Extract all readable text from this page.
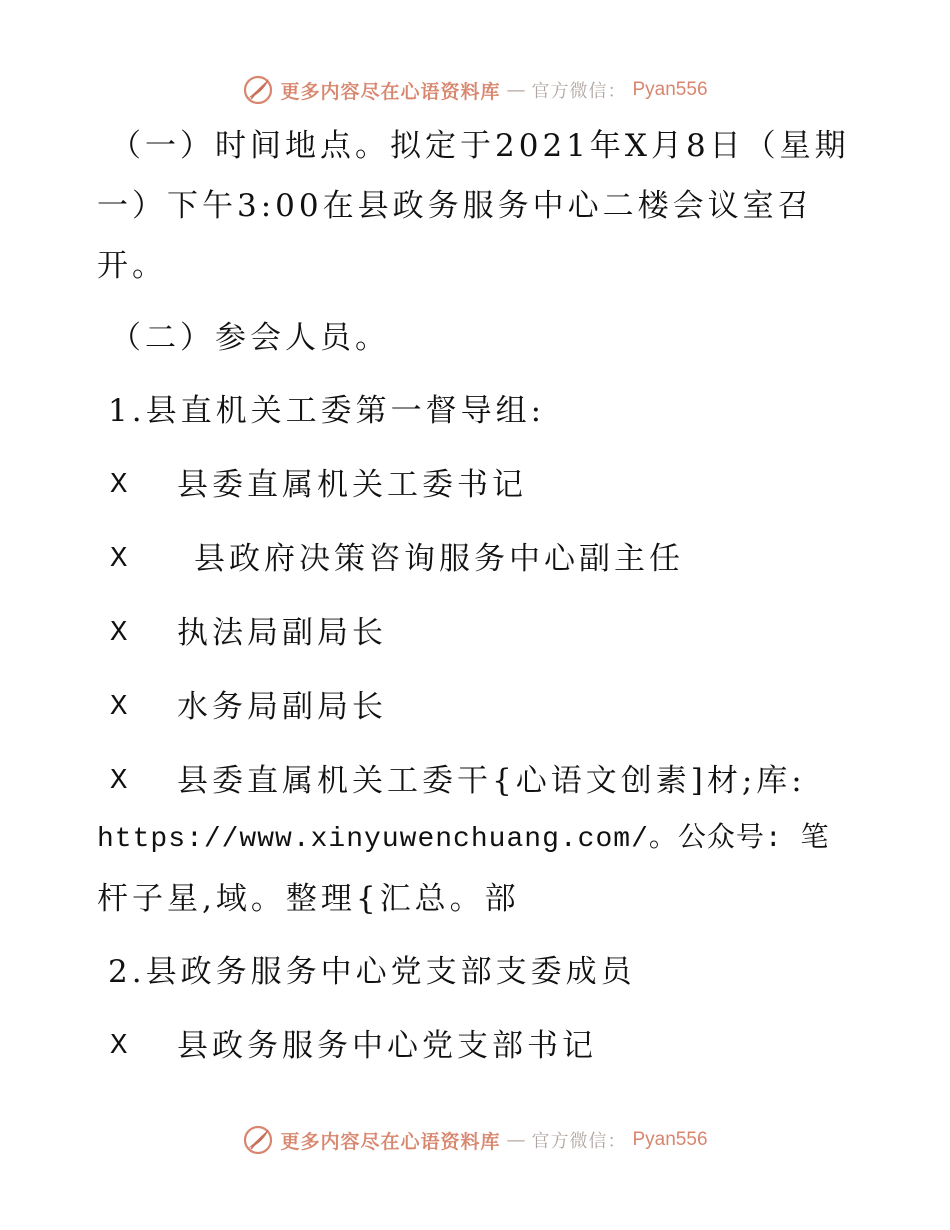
更多内容尽在心语资料库 — 官方微信： Pyan556
（一）时间地点。拟定于2021年X月8日（星期
一）下午3:00在县政务服务中心二楼会议室召
开。
（二）参会人员。
1.县直机关工委第一督导组:
X 县委直属机关工委书记
X 县政府决策咨询服务中心副主任
X 执法局副局长
X 水务局副局长
X 县委直属机关工委干{心语文创素]材;库:
https://www.xinyuwenchuang.com/。公众号: 笔
杆子星,域。整理{汇总。部
2.县政务服务中心党支部支委成员
X 县政务服务中心党支部书记
更多内容尽在心语资料库 — 官方微信： Pyan556
